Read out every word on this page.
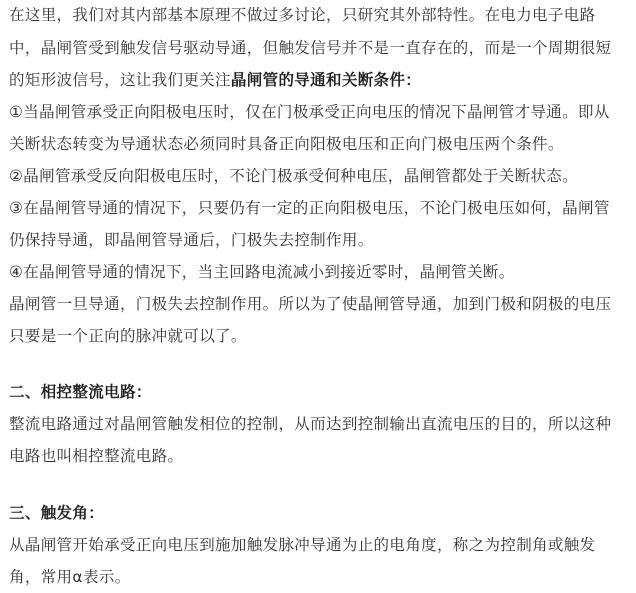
在这里，我们对其内部基本原理不做过多讨论，只研究其外部特性。在电力电子电路
中，晶闸管受到触发信号驱动导通，但触发信号并不是一直存在的，而是一个周期很短
的矩形波信号，这让我们更关注晶闸管的导通和关断条件：
①当晶闸管承受正向阳极电压时，仅在门极承受正向电压的情况下晶闸管才导通。即从
关断状态转变为导通状态必须同时具备正向阳极电压和正向门极电压两个条件。
②晶闸管承受反向阳极电压时，不论门极承受何种电压，晶闸管都处于关断状态。
③在晶闸管导通的情况下，只要仍有一定的正向阳极电压，不论门极电压如何，晶闸管
仍保持导通，即晶闸管导通后，门极失去控制作用。
④在晶闸管导通的情况下，当主回路电流减小到接近零时，晶闸管关断。
晶闸管一旦导通，门极失去控制作用。所以为了使晶闸管导通，加到门极和阴极的电压
只要是一个正向的脉冲就可以了。
二、相控整流电路：
整流电路通过对晶闸管触发相位的控制，从而达到控制输出直流电压的目的，所以这种
电路也叫相控整流电路。
三、触发角：
从晶闸管开始承受正向电压到施加触发脉冲导通为止的电角度，称之为控制角或触发
角，常用α表示。
